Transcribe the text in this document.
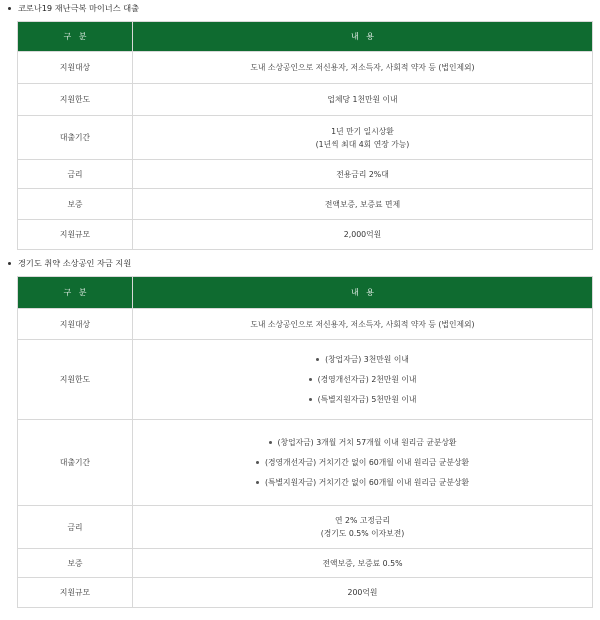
코로나19 재난극복 마이너스 대출
구   분	내   용
지원대상	도내 소상공인으로 저신용자, 저소득자, 사회적 약자 등 (법인제외)

지원한도	업체당 1천만원 이내

대출기간	1년 만기 일시상환
(1년씩 최대 4회 연장 가능)

금리	전용금리 2%대

보증	전액보증, 보증료 면제

지원규모	2,000억원
경기도 취약 소상공인 자금 지원
구   분	내   용
지원대상	도내 소상공인으로 저신용자, 저소득자, 사회적 약자 등 (법인제외)

지원한도	(창업자금) 3천만원 이내
(경영개선자금) 2천만원 이내
(특별지원자금) 5천만원 이내

대출기간	(창업자금) 3개월 거치 57개월 이내 원리금 균분상환
(경영개선자금) 거치기간 없이 60개월 이내 원리금 균분상환
(특별지원자금) 거치기간 없이 60개월 이내 원리금 균분상환

금리	연 2% 고정금리
(경기도 0.5% 이자보전)

보증	전액보증, 보증료 0.5%

지원규모	200억원
